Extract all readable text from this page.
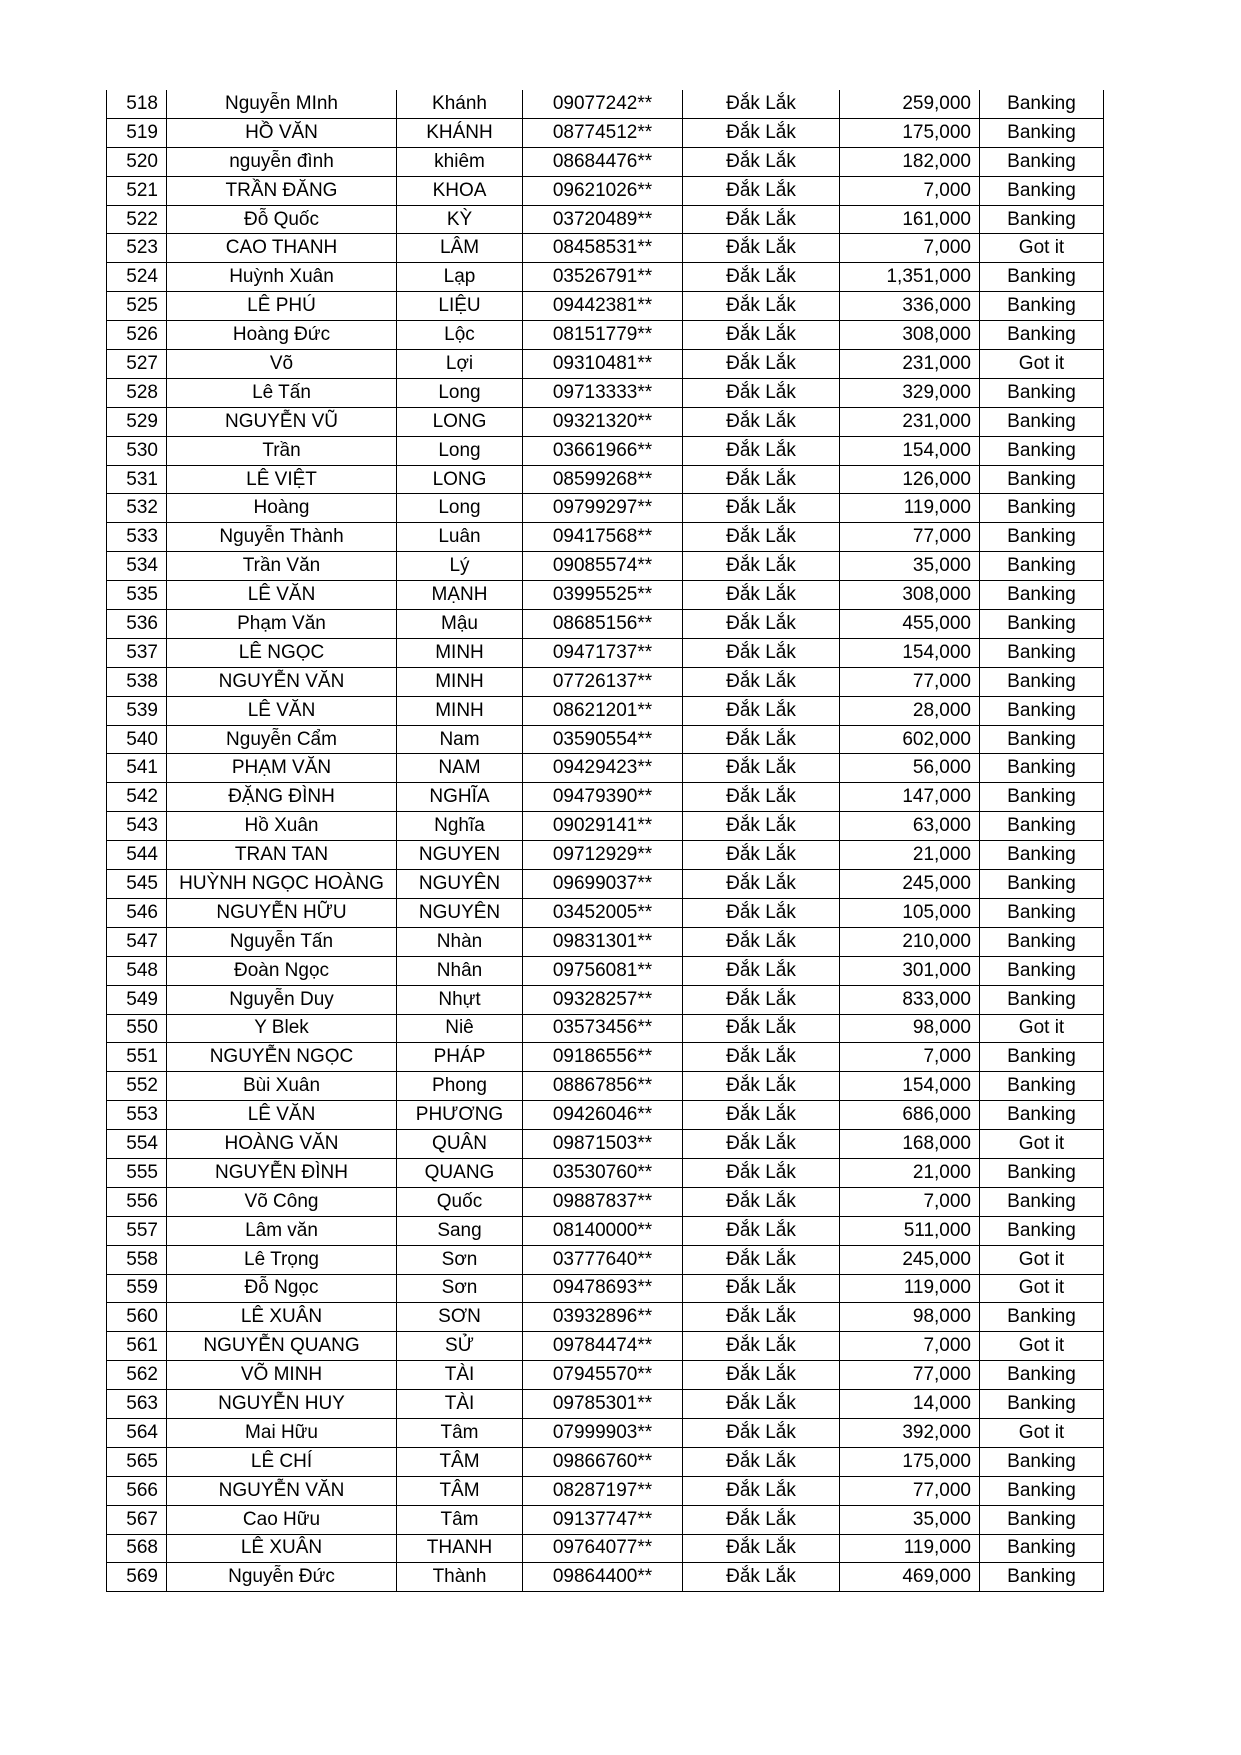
518	Nguyễn MInh	Khánh	09077242**	Đắk Lắk	259,000	Banking
519	HỒ VĂN	KHÁNH	08774512**	Đắk Lắk	175,000	Banking
520	nguyễn đình	khiêm	08684476**	Đắk Lắk	182,000	Banking
521	TRẦN ĐĂNG	KHOA	09621026**	Đắk Lắk	7,000	Banking
522	Đỗ Quốc	KỲ	03720489**	Đắk Lắk	161,000	Banking
523	CAO THANH	LÂM	08458531**	Đắk Lắk	7,000	Got it
524	Huỳnh Xuân	Lạp	03526791**	Đắk Lắk	1,351,000	Banking
525	LÊ PHÚ	LIỆU	09442381**	Đắk Lắk	336,000	Banking
526	Hoàng Đức	Lộc	08151779**	Đắk Lắk	308,000	Banking
527	Võ	Lợi	09310481**	Đắk Lắk	231,000	Got it
528	Lê Tấn	Long	09713333**	Đắk Lắk	329,000	Banking
529	NGUYỄN VŨ	LONG	09321320**	Đắk Lắk	231,000	Banking
530	Trần	Long	03661966**	Đắk Lắk	154,000	Banking
531	LÊ VIỆT	LONG	08599268**	Đắk Lắk	126,000	Banking
532	Hoàng	Long	09799297**	Đắk Lắk	119,000	Banking
533	Nguyễn Thành	Luân	09417568**	Đắk Lắk	77,000	Banking
534	Trần Văn	Lý	09085574**	Đắk Lắk	35,000	Banking
535	LÊ VĂN	MẠNH	03995525**	Đắk Lắk	308,000	Banking
536	Phạm Văn	Mậu	08685156**	Đắk Lắk	455,000	Banking
537	LÊ NGỌC	MINH	09471737**	Đắk Lắk	154,000	Banking
538	NGUYỄN VĂN	MINH	07726137**	Đắk Lắk	77,000	Banking
539	LÊ VĂN	MINH	08621201**	Đắk Lắk	28,000	Banking
540	Nguyễn Cẩm	Nam	03590554**	Đắk Lắk	602,000	Banking
541	PHẠM VĂN	NAM	09429423**	Đắk Lắk	56,000	Banking
542	ĐẶNG ĐÌNH	NGHĨA	09479390**	Đắk Lắk	147,000	Banking
543	Hồ Xuân	Nghĩa	09029141**	Đắk Lắk	63,000	Banking
544	TRAN TAN	NGUYEN	09712929**	Đắk Lắk	21,000	Banking
545	HUỲNH NGỌC HOÀNG	NGUYÊN	09699037**	Đắk Lắk	245,000	Banking
546	NGUYỄN HỮU	NGUYÊN	03452005**	Đắk Lắk	105,000	Banking
547	Nguyễn Tấn	Nhàn	09831301**	Đắk Lắk	210,000	Banking
548	Đoàn Ngọc	Nhân	09756081**	Đắk Lắk	301,000	Banking
549	Nguyễn Duy	Nhựt	09328257**	Đắk Lắk	833,000	Banking
550	Y Blek	Niê	03573456**	Đắk Lắk	98,000	Got it
551	NGUYỄN NGỌC	PHÁP	09186556**	Đắk Lắk	7,000	Banking
552	Bùi Xuân	Phong	08867856**	Đắk Lắk	154,000	Banking
553	LÊ VĂN	PHƯƠNG	09426046**	Đắk Lắk	686,000	Banking
554	HOÀNG VĂN	QUÂN	09871503**	Đắk Lắk	168,000	Got it
555	NGUYỄN ĐÌNH	QUANG	03530760**	Đắk Lắk	21,000	Banking
556	Võ Công	Quốc	09887837**	Đắk Lắk	7,000	Banking
557	Lâm văn	Sang	08140000**	Đắk Lắk	511,000	Banking
558	Lê Trọng	Sơn	03777640**	Đắk Lắk	245,000	Got it
559	Đỗ Ngọc	Sơn	09478693**	Đắk Lắk	119,000	Got it
560	LÊ XUÂN	SƠN	03932896**	Đắk Lắk	98,000	Banking
561	NGUYỄN QUANG	SỬ	09784474**	Đắk Lắk	7,000	Got it
562	VÕ MINH	TÀI	07945570**	Đắk Lắk	77,000	Banking
563	NGUYỄN HUY	TÀI	09785301**	Đắk Lắk	14,000	Banking
564	Mai Hữu	Tâm	07999903**	Đắk Lắk	392,000	Got it
565	LÊ CHÍ	TÂM	09866760**	Đắk Lắk	175,000	Banking
566	NGUYỄN VĂN	TÂM	08287197**	Đắk Lắk	77,000	Banking
567	Cao Hữu	Tâm	09137747**	Đắk Lắk	35,000	Banking
568	LÊ XUÂN	THANH	09764077**	Đắk Lắk	119,000	Banking
569	Nguyễn Đức	Thành	09864400**	Đắk Lắk	469,000	Banking
